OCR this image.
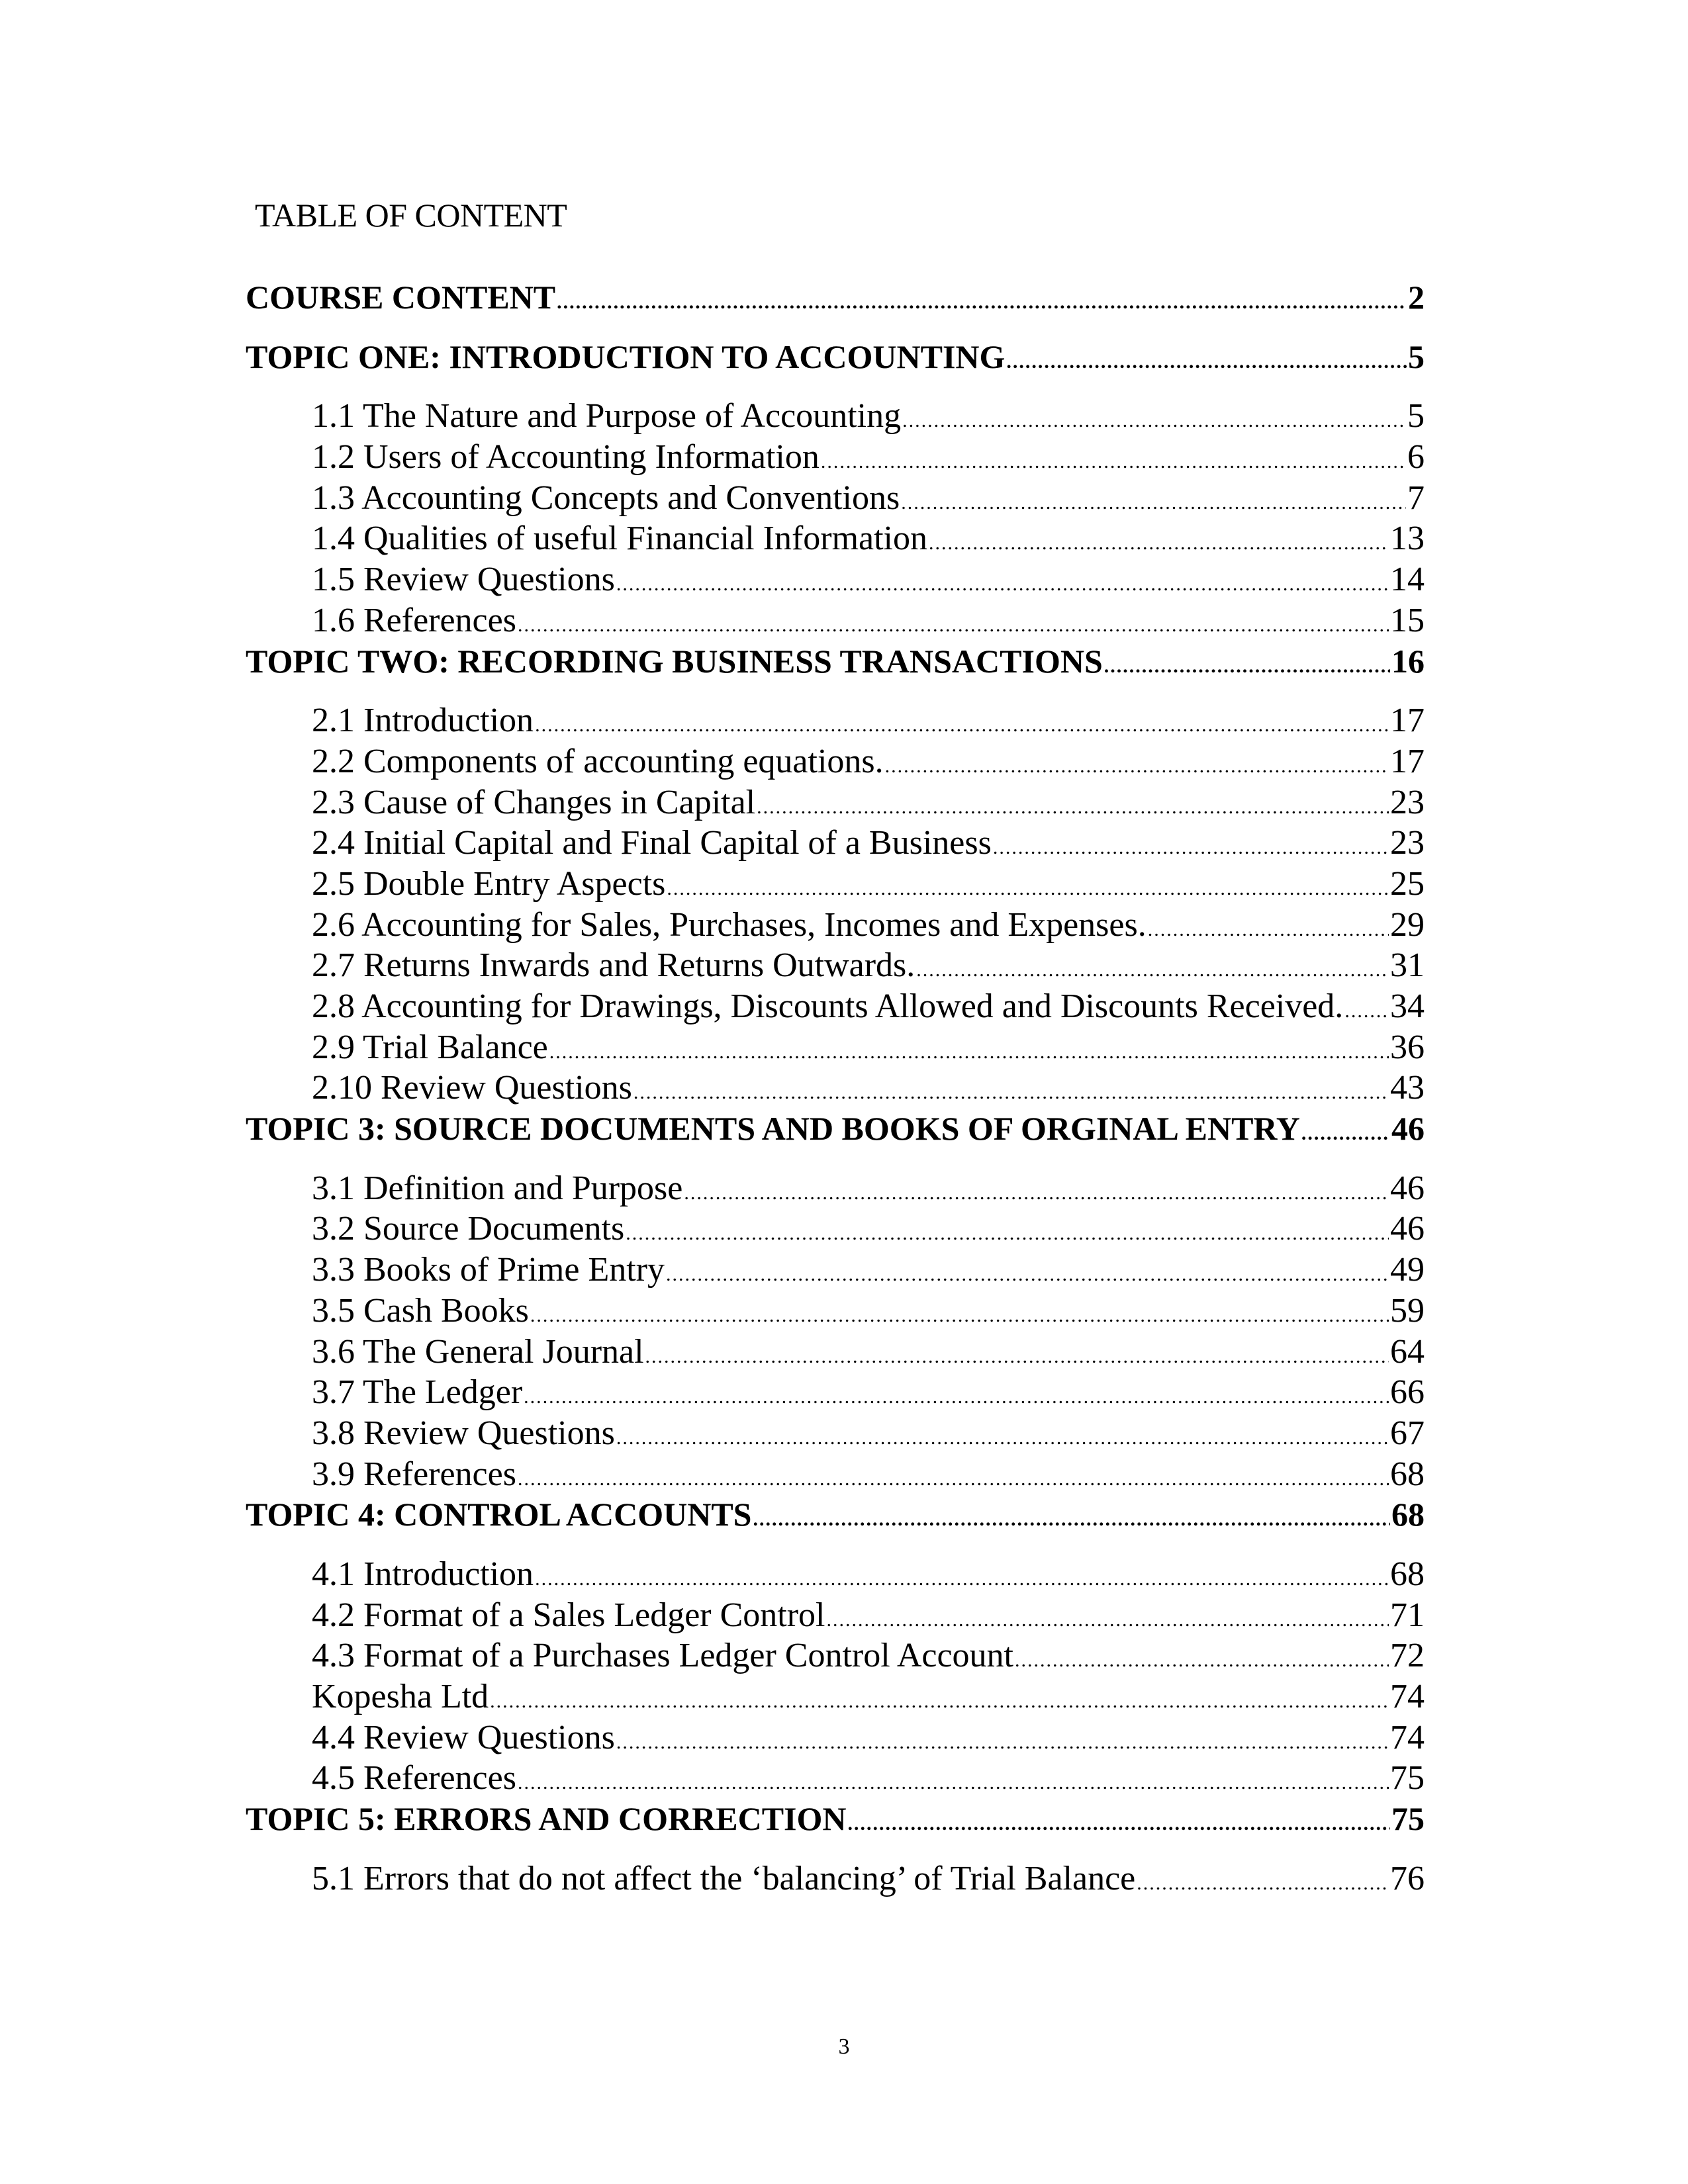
TABLE OF CONTENT
COURSE CONTENT .....	2
TOPIC ONE: INTRODUCTION TO ACCOUNTING .....	5
1.1 The Nature and Purpose of Accounting .....	5
1.2 Users of Accounting Information .....	6
1.3 Accounting Concepts and Conventions .....	7
1.4 Qualities of useful Financial Information .....	13
1.5 Review Questions .....	14
1.6 References .....	15
TOPIC TWO: RECORDING BUSINESS TRANSACTIONS .....	16
2.1 Introduction .....	17
2.2 Components of accounting equations. .....	17
2.3 Cause of Changes in Capital .....	23
2.4 Initial Capital and Final Capital of a Business .....	23
2.5 Double Entry Aspects .....	25
2.6 Accounting for Sales, Purchases, Incomes and Expenses. .....	29
2.7 Returns Inwards and Returns Outwards. .....	31
2.8 Accounting for Drawings, Discounts Allowed and Discounts Received. ..... 34
2.9 Trial Balance .....	36
2.10 Review Questions .....	43
TOPIC 3: SOURCE DOCUMENTS AND BOOKS OF ORGINAL ENTRY .....	46
3.1 Definition and Purpose .....	46
3.2 Source Documents .....	46
3.3 Books of Prime Entry .....	49
3.5 Cash Books .....	59
3.6 The General Journal .....	64
3.7 The Ledger .....	66
3.8 Review Questions .....	67
3.9 References .....	68
TOPIC 4: CONTROL ACCOUNTS .....	68
4.1 Introduction .....	68
4.2 Format of a Sales Ledger Control .....	71
4.3 Format of a Purchases Ledger Control Account .....	72
Kopesha Ltd .....	74
4.4 Review Questions .....	74
4.5 References .....	75
TOPIC 5: ERRORS AND CORRECTION .....	75
5.1 Errors that do not affect the ‘balancing’ of Trial Balance .....	76
3
